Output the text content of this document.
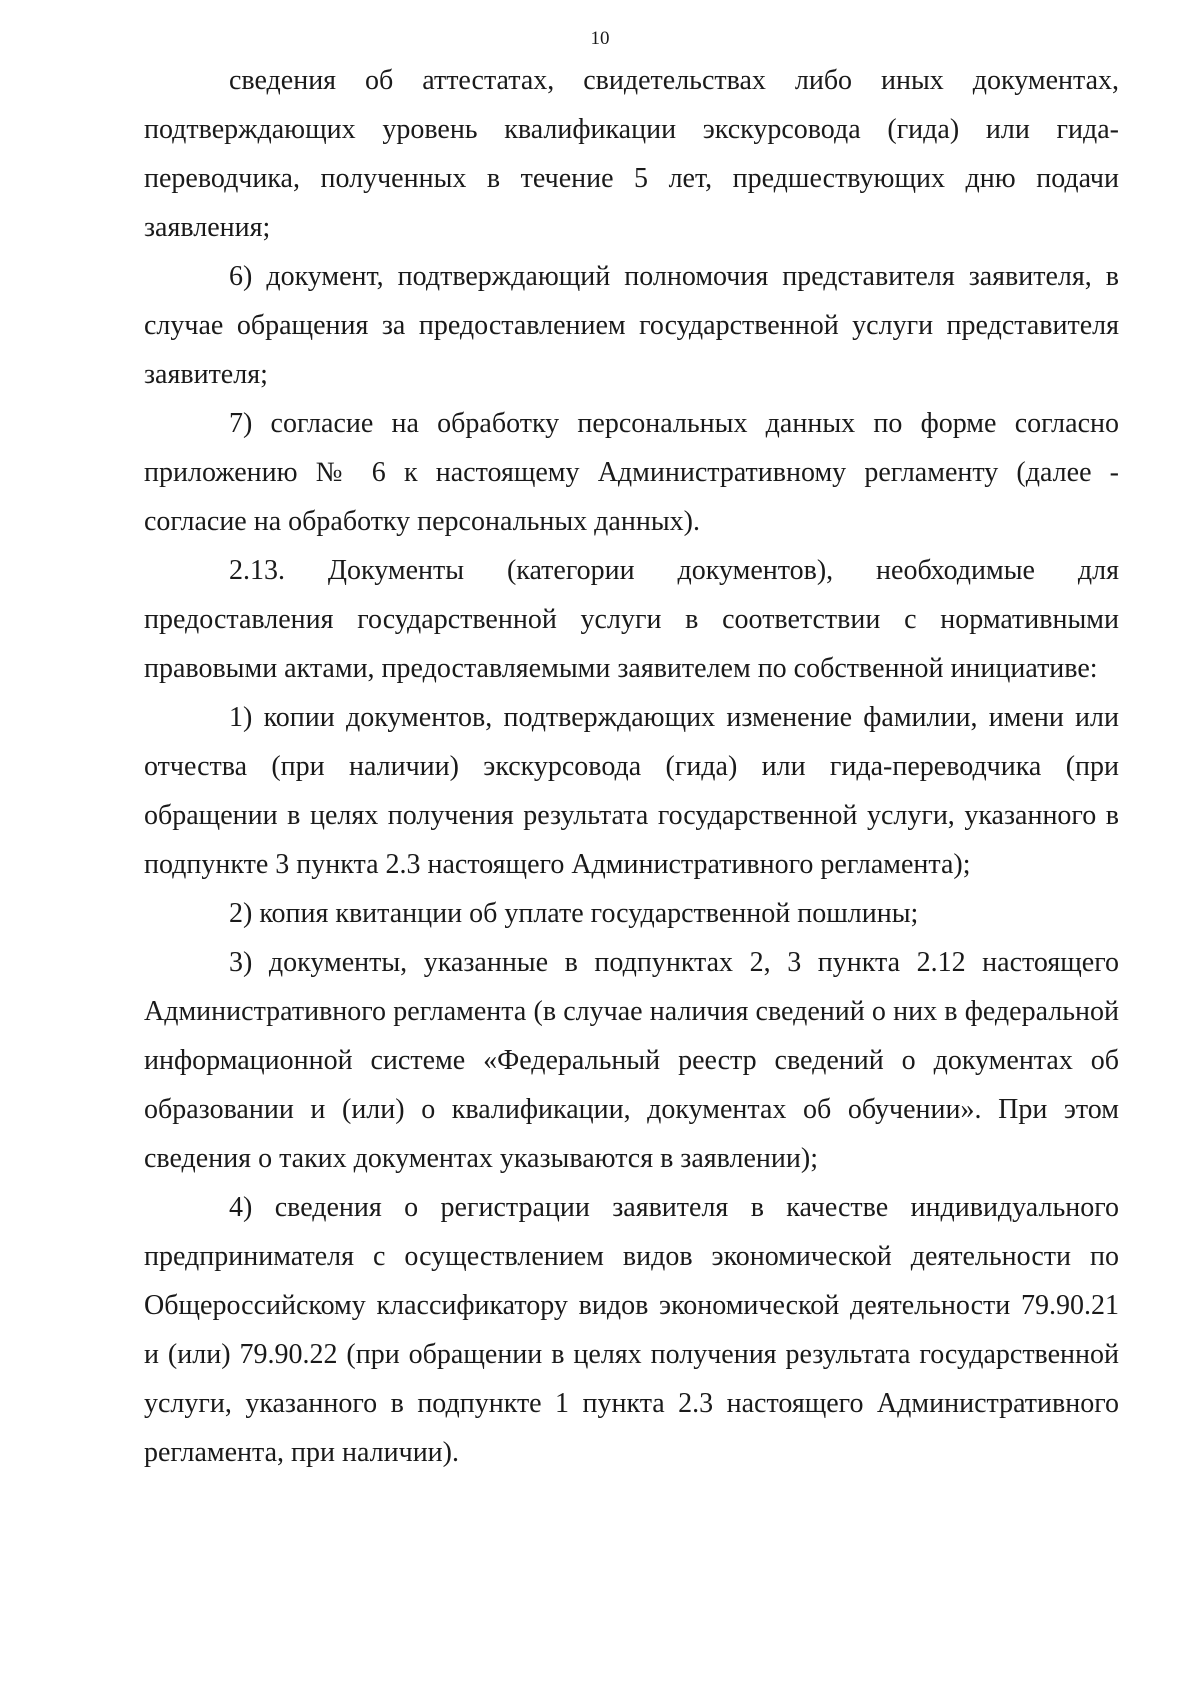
10

сведения об аттестатах, свидетельствах либо иных документах, подтверждающих уровень квалификации экскурсовода (гида) или гида-переводчика, полученных в течение 5 лет, предшествующих дню подачи заявления;

6) документ, подтверждающий полномочия представителя заявителя, в случае обращения за предоставлением государственной услуги представителя заявителя;

7) согласие на обработку персональных данных по форме согласно приложению № 6 к настоящему Административному регламенту (далее - согласие на обработку персональных данных).

2.13. Документы (категории документов), необходимые для предоставления государственной услуги в соответствии с нормативными правовыми актами, предоставляемыми заявителем по собственной инициативе:

1) копии документов, подтверждающих изменение фамилии, имени или отчества (при наличии) экскурсовода (гида) или гида-переводчика (при обращении в целях получения результата государственной услуги, указанного в подпункте 3 пункта 2.3 настоящего Административного регламента);

2) копия квитанции об уплате государственной пошлины;

3) документы, указанные в подпунктах 2, 3 пункта 2.12 настоящего Административного регламента (в случае наличия сведений о них в федеральной информационной системе «Федеральный реестр сведений о документах об образовании и (или) о квалификации, документах об обучении». При этом сведения о таких документах указываются в заявлении);

4) сведения о регистрации заявителя в качестве индивидуального предпринимателя с осуществлением видов экономической деятельности по Общероссийскому классификатору видов экономической деятельности 79.90.21 и (или) 79.90.22 (при обращении в целях получения результата государственной услуги, указанного в подпункте 1 пункта 2.3 настоящего Административного регламента, при наличии).
